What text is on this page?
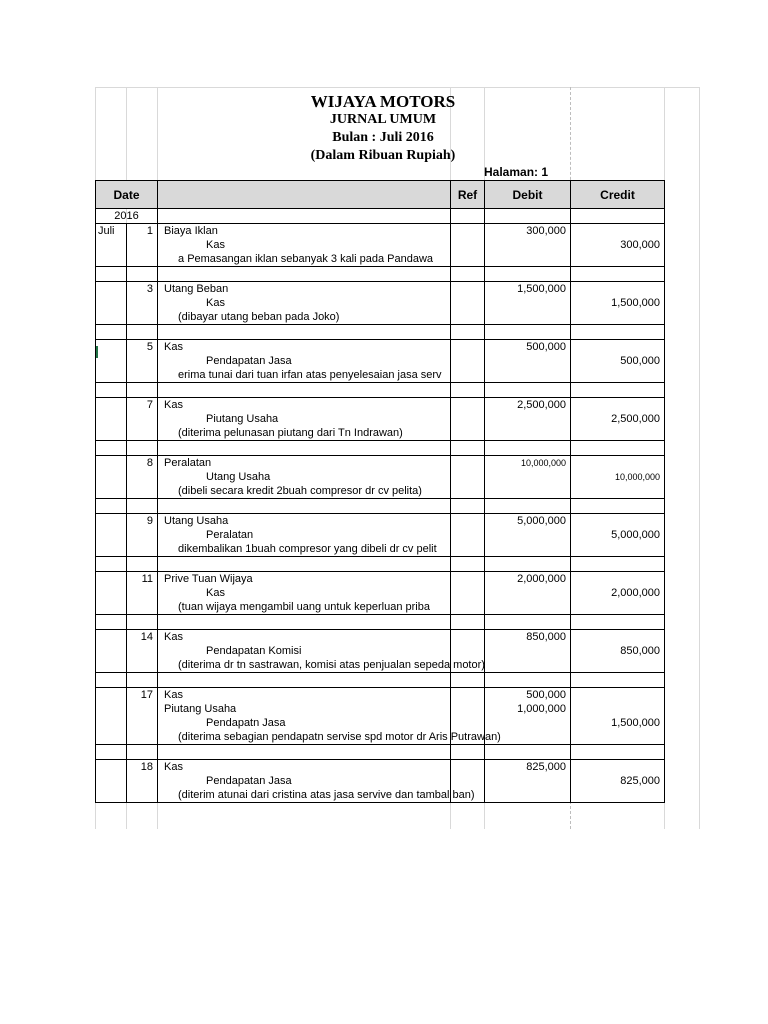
WIJAYA MOTORS
JURNAL UMUM
Bulan : Juli 2016
(Dalam Ribuan Rupiah)
Halaman: 1
Date			Ref	Debit	Credit
2016					
Juli	1	Biaya Iklan		300,000	
		Kas			300,000
		a Pemasangan iklan sebanyak 3 kali pada Pandawa			

	3	Utang Beban		1,500,000	
		Kas			1,500,000
		(dibayar utang beban pada Joko)			

	5	Kas		500,000	
		Pendapatan Jasa			500,000
		erima tunai dari tuan irfan atas penyelesaian jasa serv			

	7	Kas		2,500,000	
		Piutang Usaha			2,500,000
		(diterima pelunasan piutang dari Tn Indrawan)			

	8	Peralatan		10,000,000	
		Utang Usaha			10,000,000
		(dibeli secara kredit 2buah compresor dr cv pelita)			

	9	Utang Usaha		5,000,000	
		Peralatan			5,000,000
		dikembalikan 1buah compresor yang dibeli dr cv pelit			

	11	Prive Tuan Wijaya		2,000,000	
		Kas			2,000,000
		(tuan wijaya mengambil uang untuk keperluan priba			

	14	Kas		850,000	
		Pendapatan Komisi			850,000
		(diterima dr tn sastrawan, komisi atas penjualan sepeda motor)			

	17	Kas		500,000	
		Piutang Usaha		1,000,000	
		Pendapatn Jasa			1,500,000
		(diterima sebagian pendapatn servise spd motor dr Aris Putrawan)			

	18	Kas		825,000	
		Pendapatan Jasa			825,000
		(diterim atunai dari cristina atas jasa servive dan tambal ban)			
